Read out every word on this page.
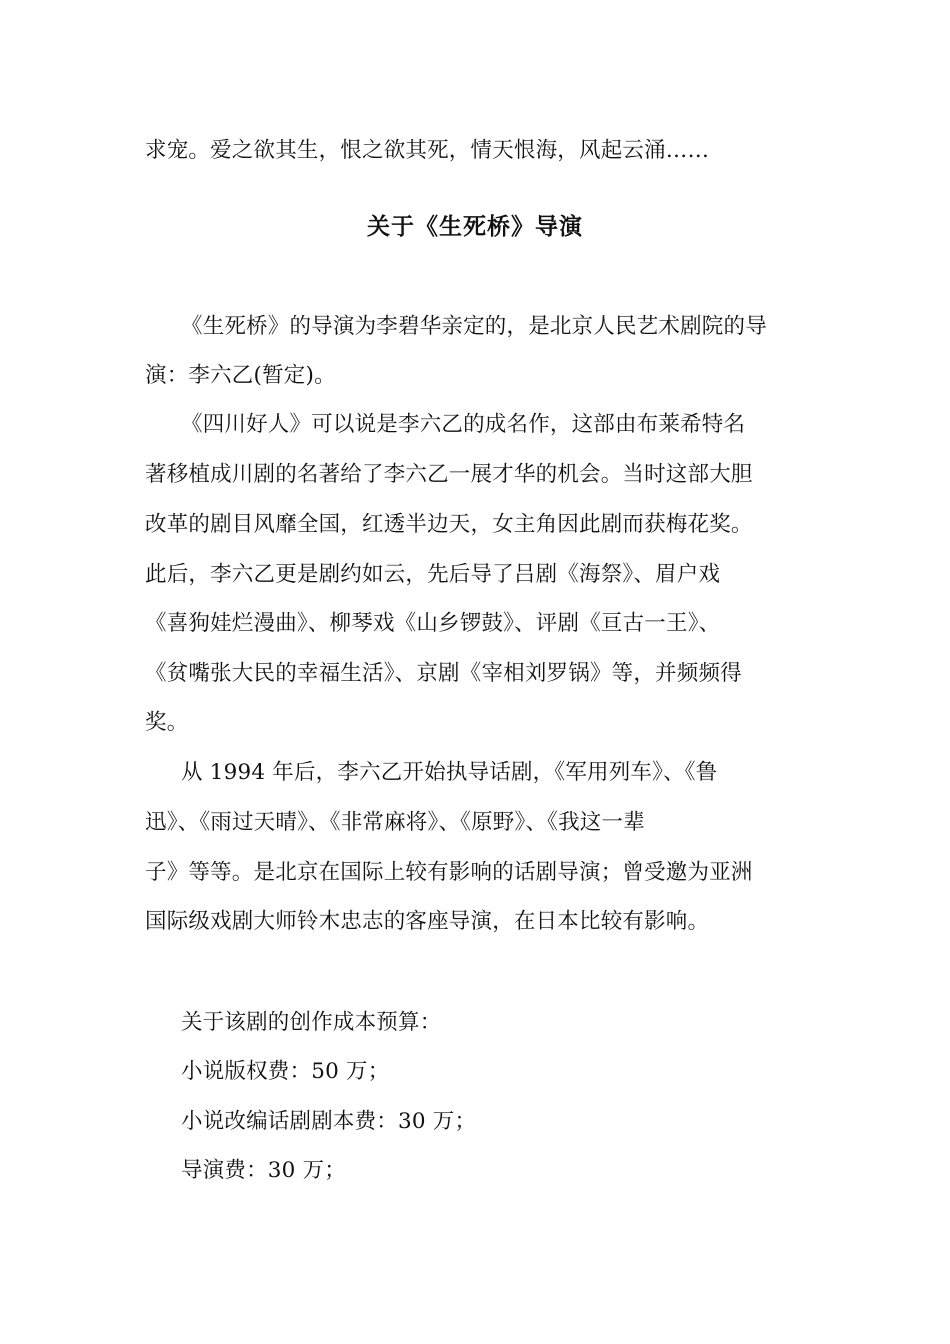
求宠。爱之欲其生，恨之欲其死，情天恨海，风起云涌……
关于《生死桥》导演
《生死桥》的导演为李碧华亲定的，是北京人民艺术剧院的导
演：李六乙(暂定)。
《四川好人》可以说是李六乙的成名作，这部由布莱希特名
著移植成川剧的名著给了李六乙一展才华的机会。当时这部大胆
改革的剧目风靡全国，红透半边天，女主角因此剧而获梅花奖。
此后，李六乙更是剧约如云，先后导了吕剧《海祭》、眉户戏
《喜狗娃烂漫曲》、柳琴戏《山乡锣鼓》、评剧《亘古一王》、
《贫嘴张大民的幸福生活》、京剧《宰相刘罗锅》等，并频频得
奖。
从 1994 年后，李六乙开始执导话剧，《军用列车》、《鲁
迅》、《雨过天晴》、《非常麻将》、《原野》、《我这一辈
子》等等。是北京在国际上较有影响的话剧导演；曾受邀为亚洲
国际级戏剧大师铃木忠志的客座导演，在日本比较有影响。
关于该剧的创作成本预算：
小说版权费：50 万；
小说改编话剧剧本费：30 万；
导演费：30 万；
